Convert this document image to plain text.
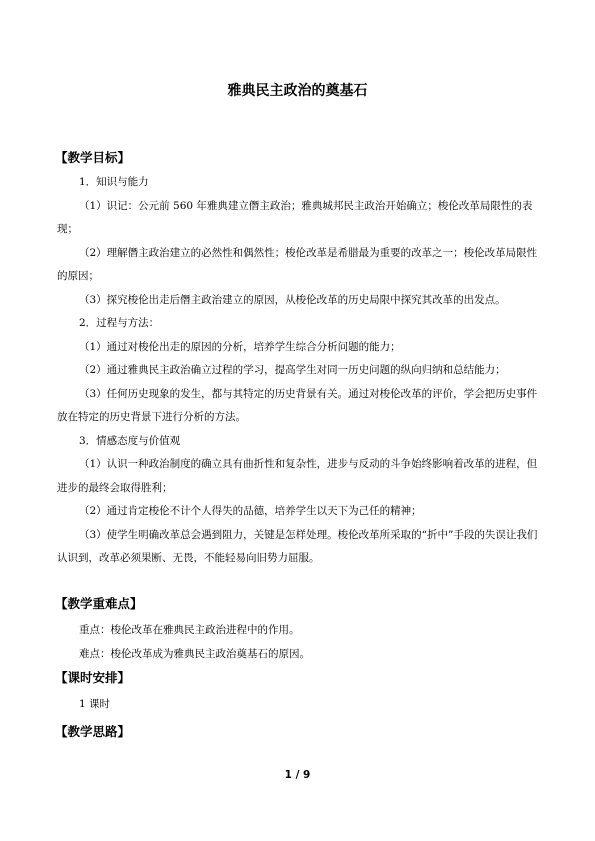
雅典民主政治的奠基石
【教学目标】

1．知识与能力

（1）识记：公元前 560 年雅典建立僭主政治；雅典城邦民主政治开始确立；梭伦改革局限性的表现；

（2）理解僭主政治建立的必然性和偶然性；梭伦改革是希腊最为重要的改革之一；梭伦改革局限性的原因；

（3）探究梭伦出走后僭主政治建立的原因，从梭伦改革的历史局限中探究其改革的出发点。

2．过程与方法：

（1）通过对梭伦出走的原因的分析，培养学生综合分析问题的能力；

（2）通过雅典民主政治确立过程的学习，提高学生对同一历史问题的纵向归纳和总结能力；

（3）任何历史现象的发生，都与其特定的历史背景有关。通过对梭伦改革的评价，学会把历史事件放在特定的历史背景下进行分析的方法。

3．情感态度与价值观

（1）认识一种政治制度的确立具有曲折性和复杂性，进步与反动的斗争始终影响着改革的进程，但进步的最终会取得胜利；

（2）通过肯定梭伦不计个人得失的品德，培养学生以天下为己任的精神；

（3）使学生明确改革总会遇到阻力，关键是怎样处理。梭伦改革所采取的“折中”手段的失误让我们认识到，改革必须果断、无畏，不能轻易向旧势力屈服。

【教学重难点】

重点：梭伦改革在雅典民主政治进程中的作用。

难点：梭伦改革成为雅典民主政治奠基石的原因。

【课时安排】
1 课时
【教学思路】
1 / 9
